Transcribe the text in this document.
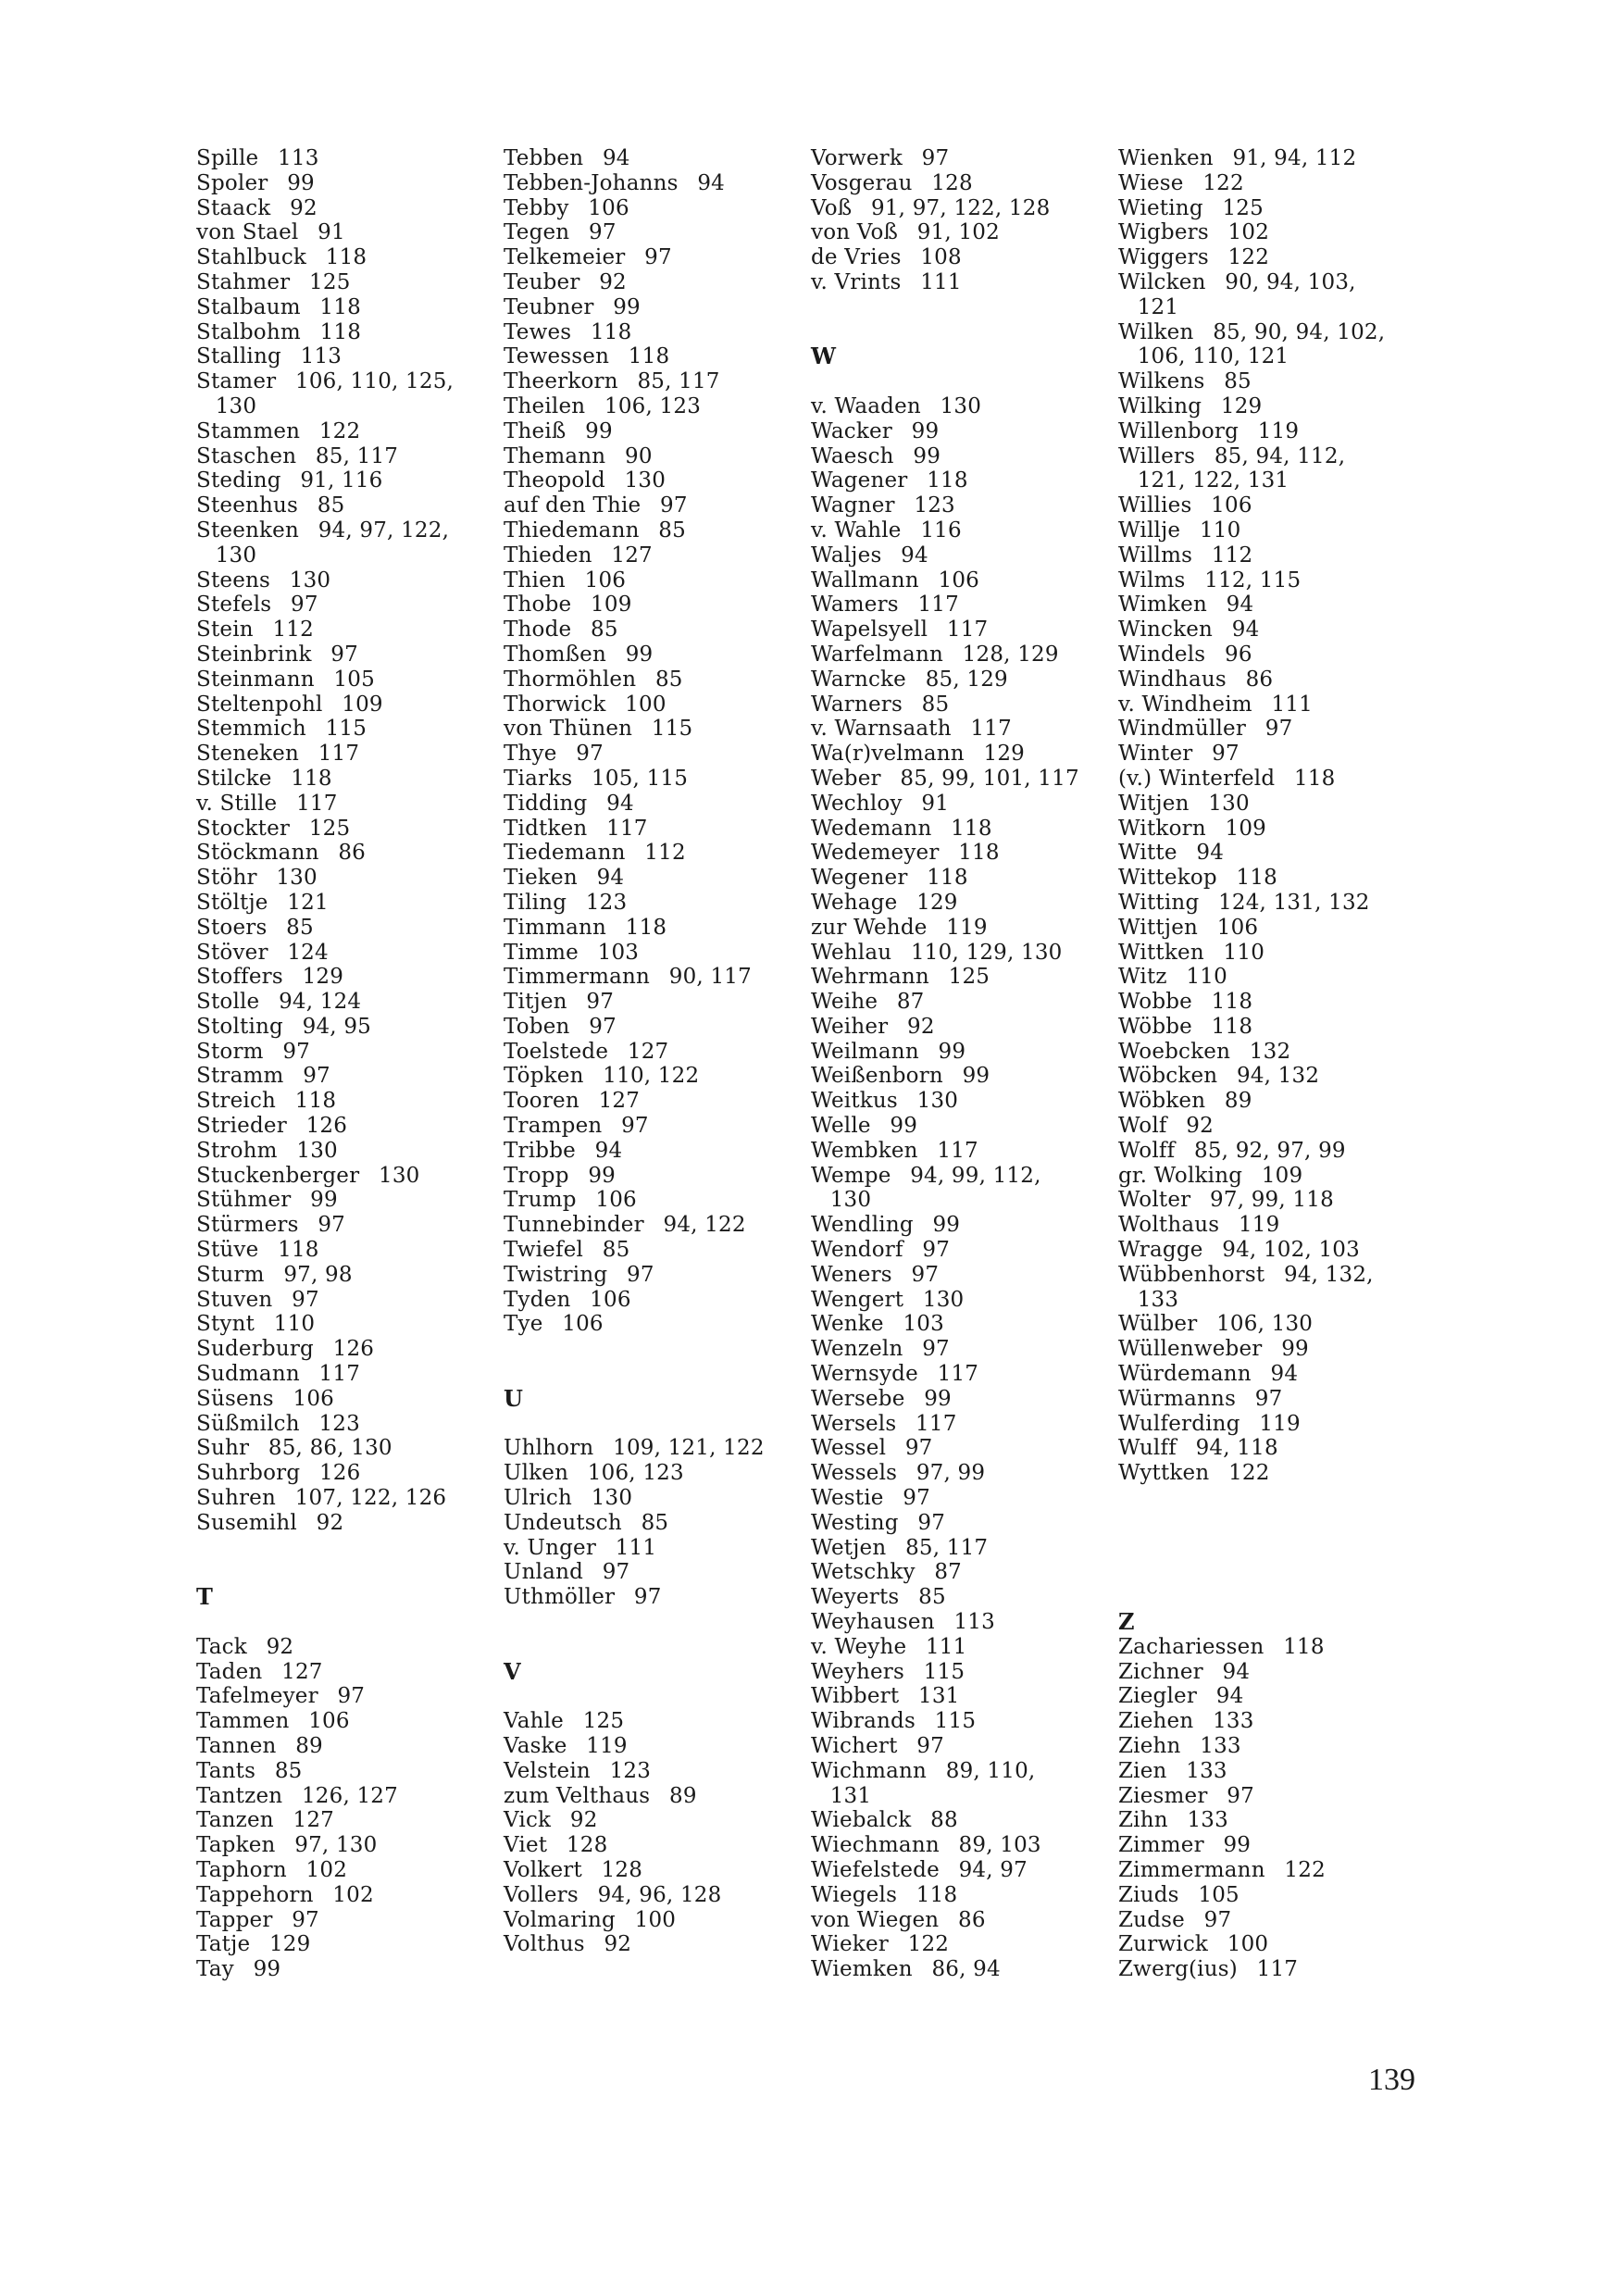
Spille 113
Spoler 99
Staack 92
von Stael 91
Stahlbuck 118
Stahmer 125
Stalbaum 118
Stalbohm 118
Stalling 113
Stamer 106, 110, 125,
130
Stammen 122
Staschen 85, 117
Steding 91, 116
Steenhus 85
Steenken 94, 97, 122,
130
Steens 130
Stefels 97
Stein 112
Steinbrink 97
Steinmann 105
Steltenpohl 109
Stemmich 115
Steneken 117
Stilcke 118
v. Stille 117
Stockter 125
Stöckmann 86
Stöhr 130
Stöltje 121
Stoers 85
Stöver 124
Stoffers 129
Stolle 94, 124
Stolting 94, 95
Storm 97
Stramm 97
Streich 118
Strieder 126
Strohm 130
Stuckenberger 130
Stühmer 99
Stürmers 97
Stüve 118
Sturm 97, 98
Stuven 97
Stynt 110
Suderburg 126
Sudmann 117
Süsens 106
Süßmilch 123
Suhr 85, 86, 130
Suhrborg 126
Suhren 107, 122, 126
Susemihl 92
T
Tack 92
Taden 127
Tafelmeyer 97
Tammen 106
Tannen 89
Tants 85
Tantzen 126, 127
Tanzen 127
Tapken 97, 130
Taphorn 102
Tappehorn 102
Tapper 97
Tatje 129
Tay 99
Tebben 94
Tebben-Johanns 94
Tebby 106
Tegen 97
Telkemeier 97
Teuber 92
Teubner 99
Tewes 118
Tewessen 118
Theerkorn 85, 117
Theilen 106, 123
Theiß 99
Themann 90
Theopold 130
auf den Thie 97
Thiedemann 85
Thieden 127
Thien 106
Thobe 109
Thode 85
Thomßen 99
Thormöhlen 85
Thorwick 100
von Thünen 115
Thye 97
Tiarks 105, 115
Tidding 94
Tidtken 117
Tiedemann 112
Tieken 94
Tiling 123
Timmann 118
Timme 103
Timmermann 90, 117
Titjen 97
Toben 97
Toelstede 127
Töpken 110, 122
Tooren 127
Trampen 97
Tribbe 94
Tropp 99
Trump 106
Tunnebinder 94, 122
Twiefel 85
Twistring 97
Tyden 106
Tye 106
U
Uhlhorn 109, 121, 122
Ulken 106, 123
Ulrich 130
Undeutsch 85
v. Unger 111
Unland 97
Uthmöller 97
V
Vahle 125
Vaske 119
Velstein 123
zum Velthaus 89
Vick 92
Viet 128
Volkert 128
Vollers 94, 96, 128
Volmaring 100
Volthus 92
Vorwerk 97
Vosgerau 128
Voß 91, 97, 122, 128
von Voß 91, 102
de Vries 108
v. Vrints 111
W
v. Waaden 130
Wacker 99
Waesch 99
Wagener 118
Wagner 123
v. Wahle 116
Waljes 94
Wallmann 106
Wamers 117
Wapelsyell 117
Warfelmann 128, 129
Warncke 85, 129
Warners 85
v. Warnsaath 117
Wa(r)velmann 129
Weber 85, 99, 101, 117
Wechloy 91
Wedemann 118
Wedemeyer 118
Wegener 118
Wehage 129
zur Wehde 119
Wehlau 110, 129, 130
Wehrmann 125
Weihe 87
Weiher 92
Weilmann 99
Weißenborn 99
Weitkus 130
Welle 99
Wembken 117
Wempe 94, 99, 112,
130
Wendling 99
Wendorf 97
Weners 97
Wengert 130
Wenke 103
Wenzeln 97
Wernsyde 117
Wersebe 99
Wersels 117
Wessel 97
Wessels 97, 99
Westie 97
Westing 97
Wetjen 85, 117
Wetschky 87
Weyerts 85
Weyhausen 113
v. Weyhe 111
Weyhers 115
Wibbert 131
Wibrands 115
Wichert 97
Wichmann 89, 110,
131
Wiebalck 88
Wiechmann 89, 103
Wiefelstede 94, 97
Wiegels 118
von Wiegen 86
Wieker 122
Wiemken 86, 94
Wienken 91, 94, 112
Wiese 122
Wieting 125
Wigbers 102
Wiggers 122
Wilcken 90, 94, 103,
121
Wilken 85, 90, 94, 102,
106, 110, 121
Wilkens 85
Wilking 129
Willenborg 119
Willers 85, 94, 112,
121, 122, 131
Willies 106
Willje 110
Willms 112
Wilms 112, 115
Wimken 94
Wincken 94
Windels 96
Windhaus 86
v. Windheim 111
Windmüller 97
Winter 97
(v.) Winterfeld 118
Witjen 130
Witkorn 109
Witte 94
Wittekop 118
Witting 124, 131, 132
Wittjen 106
Wittken 110
Witz 110
Wobbe 118
Wöbbe 118
Woebcken 132
Wöbcken 94, 132
Wöbken 89
Wolf 92
Wolff 85, 92, 97, 99
gr. Wolking 109
Wolter 97, 99, 118
Wolthaus 119
Wragge 94, 102, 103
Wübbenhorst 94, 132,
133
Wülber 106, 130
Wüllenweber 99
Würdemann 94
Würmanns 97
Wulferding 119
Wulff 94, 118
Wyttken 122
Z
Zachariessen 118
Zichner 94
Ziegler 94
Ziehen 133
Ziehn 133
Zien 133
Ziesmer 97
Zihn 133
Zimmer 99
Zimmermann 122
Ziuds 105
Zudse 97
Zurwick 100
Zwerg(ius) 117
139
